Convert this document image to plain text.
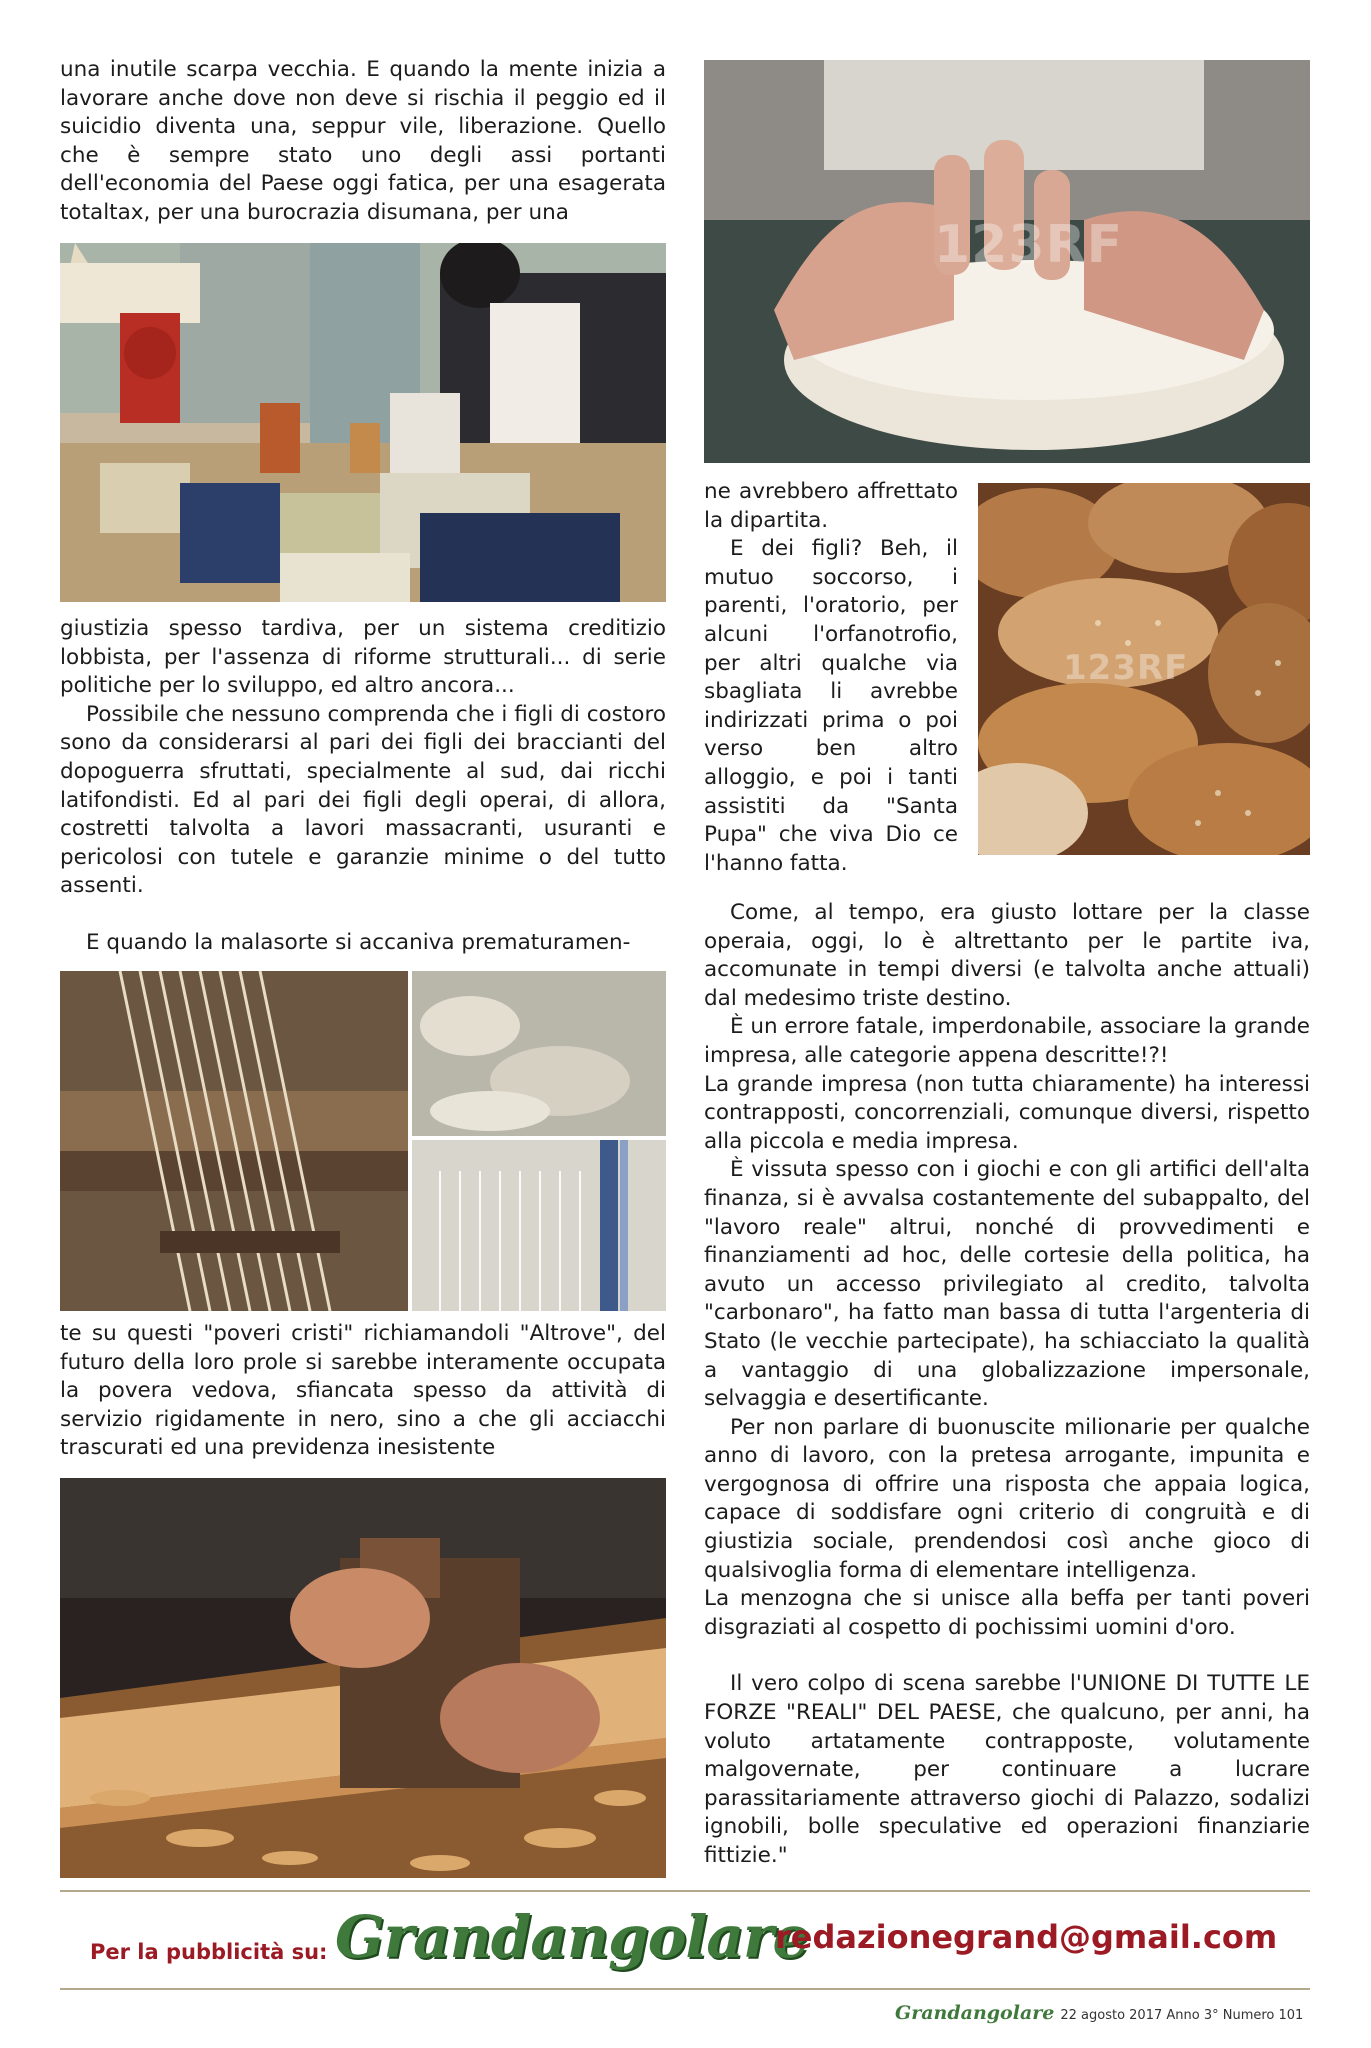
una inutile scarpa vecchia. E quando la mente inizia a lavorare anche dove non deve si rischia il peggio ed il suicidio diventa una, seppur vile, liberazione. Quello che è sempre stato uno degli assi portanti dell'economia del Paese oggi fatica, per una esagerata totaltax, per una burocrazia disumana, per una

giustizia spesso tardiva, per un sistema creditizio lobbista, per l'assenza di riforme strutturali... di serie politiche per lo sviluppo, ed altro ancora...

Possibile che nessuno comprenda che i figli di costoro sono da considerarsi al pari dei figli dei braccianti del dopoguerra sfruttati, specialmente al sud, dai ricchi latifondisti. Ed al pari dei figli degli operai, di allora, costretti talvolta a lavori massacranti, usuranti e pericolosi con tutele e garanzie minime o del tutto assenti.

E quando la malasorte si accaniva prematuramen-

te su questi "poveri cristi" richiamandoli "Altrove", del futuro della loro prole si sarebbe interamente occupata la povera vedova, sfiancata spesso da attività di servizio rigidamente in nero, sino a che gli acciacchi trascurati ed una previdenza inesistente

123RF

ne avrebbero affrettato la dipartita.

E dei figli? Beh, il mutuo soccorso, i parenti, l'oratorio, per alcuni l'orfanotrofio, per altri qualche via sbagliata li avrebbe indirizzati prima o poi verso ben altro alloggio, e poi i tanti assistiti da "Santa Pupa" che viva Dio ce l'hanno fatta.

123RF

Come, al tempo, era giusto lottare per la classe operaia, oggi, lo è altrettanto per le partite iva, accomunate in tempi diversi (e talvolta anche attuali) dal medesimo triste destino.

È un errore fatale, imperdonabile, associare la grande impresa, alle categorie appena descritte!?!

La grande impresa (non tutta chiaramente) ha interessi contrapposti, concorrenziali, comunque diversi, rispetto alla piccola e media impresa.

È vissuta spesso con i giochi e con gli artifici dell'alta finanza, si è avvalsa costantemente del subappalto, del "lavoro reale" altrui, nonché di provvedimenti e finanziamenti ad hoc, delle cortesie della politica, ha avuto un accesso privilegiato al credito, talvolta "carbonaro", ha fatto man bassa di tutta l'argenteria di Stato (le vecchie partecipate), ha schiacciato la qualità a vantaggio di una globalizzazione impersonale, selvaggia e desertificante.

Per non parlare di buonuscite milionarie per qualche anno di lavoro, con la pretesa arrogante, impunita e vergognosa di offrire una risposta che appaia logica, capace di soddisfare ogni criterio di congruità e di giustizia sociale, prendendosi così anche gioco di qualsivoglia forma di elementare intelligenza.

La menzogna che si unisce alla beffa per tanti poveri disgraziati al cospetto di pochissimi uomini d'oro.

Il vero colpo di scena sarebbe l'UNIONE DI TUTTE LE FORZE "REALI" DEL PAESE, che qualcuno, per anni, ha voluto artatamente contrapposte, volutamente malgovernate, per continuare a lucrare parassitariamente attraverso giochi di Palazzo, sodalizi ignobili, bolle speculative ed operazioni finanziarie fittizie."

Per la pubblicità su: Grandangolare
redazionegrand@gmail.com
Grandangolare 22 agosto 2017 Anno 3° Numero 101
